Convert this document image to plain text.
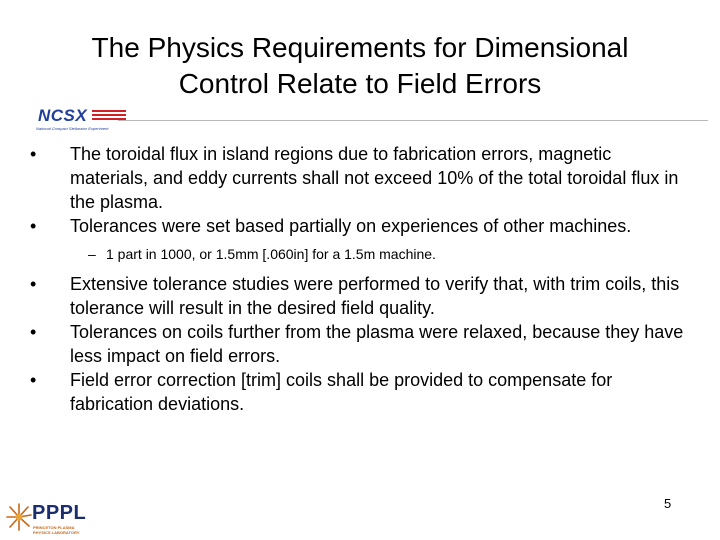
The Physics Requirements for Dimensional
Control Relate to Field Errors
NCSX
National Compact Stellarator Experiment

• The toroidal flux in island regions due to fabrication errors, magnetic materials, and eddy currents shall not exceed 10% of the total toroidal flux in the plasma.

• Tolerances were set based partially on experiences of other machines.

– 1 part in 1000, or 1.5mm [.060in] for a 1.5m machine.

• Extensive tolerance studies were performed to verify that, with trim coils, this tolerance will result in the desired field quality.

• Tolerances on coils further from the plasma were relaxed, because they have less impact on field errors.

• Field error correction [trim] coils shall be provided to compensate for fabrication deviations.

PPPL
PRINCETON PLASMA
PHYSICS LABORATORY
5
